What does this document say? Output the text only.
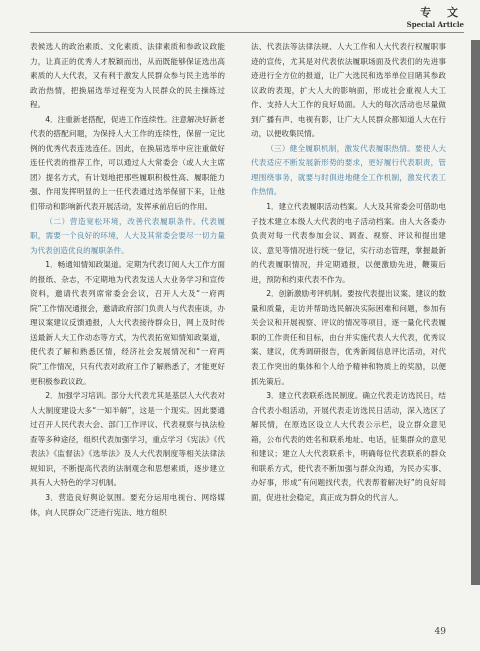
专 文
Special Article

表候选人的政治素质、文化素质、法律素质和参政议政能力，让真正的优秀人才脱颖而出，从而既能够保证选出高素质的人大代表，又有利于激发人民群众参与民主选举的政治热情，把换届选举过程变为人民群众的民主操练过程。

4．注重新老搭配，促进工作连续性。注意解决好新老代表的搭配问题，为保持人大工作的连续性，保留一定比例的优秀代表连选连任。因此，在换届选举中应注重做好连任代表的推荐工作，可以通过人大常委会（或人大主席团）提名方式，有计划地把那些履职积极性高、履职能力强、作用发挥明显的上一任代表通过选举保留下来，让他们带动和影响新代表开展活动，发挥承前启后的作用。

（二）营造宽松环境，改善代表履职条件。代表履职，需要一个良好的环境，人大及其常委会要尽一切力量为代表创造优良的履职条件。

1．畅通知情知政渠道。定期为代表订阅人大工作方面的报纸、杂志，不定期地为代表发送人大业务学习和宣传资料，邀请代表列席常委会会议，召开人大及“一府两院”工作情况通报会，邀请政府部门负责人与代表座谈，办理议案建议反馈通报，人大代表接待群众日，网上及时传送最新人大工作动态等方式，为代表拓宽知情知政渠道，使代表了解和熟悉区情，经济社会发展情况和“一府两院”工作情况，只有代表对政府工作了解熟悉了，才能更好更积极参政议政。

2．加强学习培训。部分大代表尤其是基层人大代表对人大制度建设大多“一知半解”，这是一个现实。因此要通过召开人民代表大会、部门工作评议、代表视察与执法检查等多种途径，组织代表加强学习，重点学习《宪法》《代表法》《监督法》《选举法》及人大代表制度等相关法律法规知识，不断提高代表的法制观念和思想素质，逐步建立具有人大特色的学习机制。

3．营造良好舆论氛围。要充分运用电视台、网络媒体，向人民群众广泛进行宪法、地方组织

法、代表法等法律法规、人大工作和人大代表行权履职事迹的宣传，尤其是对代表依法履职场面及代表们的先进事迹进行全方位的报道，让广大选民和选举单位目睹其参政议政的表现，扩大人大的影响面，形成社会重视人大工作、支持人大工作的良好局面。人大的每次活动也尽量做到广播有声、电视有影，让广大人民群众都知道人大在行动，以便收集民情。

（三）健全履职机制，激发代表履职热情。要使人大代表适应不断发展新形势的要求，更好履行代表职责，管理围绕事务，就要与时俱进地健全工作机制，激发代表工作热情。

1．建立代表履职活动档案。人大及其常委会可借助电子技术建立本级人大代表的电子活动档案。由人大各委办负责对每一代表参加会议、调查、视察、评议和提出建议、意见等情况进行统一登记，实行动态管理，掌握最新的代表履职情况，并定期通报，以便激励先进，鞭策后进，预防和约束代表不作为。

2．创新激励考评机制。要按代表提出议案、建议的数量和质量，走访并帮助选民解决实际困难和问题，参加有关会议和开展视察、评议的情况等项目，逐一量化代表履职的工作责任和目标，由台并实施代表人大代表，优秀议案、建议，优秀调研报告，优秀新闻信息评比活动，对代表工作突出的集体和个人给予精神和物质上的奖励，以便抓先策后。

3．建立代表联系选民制度。确立代表走访选民日，结合代表小组活动，开展代表走访选民日活动，深入选区了解民情，在原选区设立人大代表公示栏，设立群众意见箱，公布代表的姓名和联系地址、电话，征集群众的意见和建议；建立人大代表联系卡，明确每位代表联系的群众和联系方式，使代表不断加强与群众沟通，为民办实事、办好事，形成“有问题找代表，代表帮着解决好”的良好局面，促进社会稳定，真正成为群众的代言人。

49
